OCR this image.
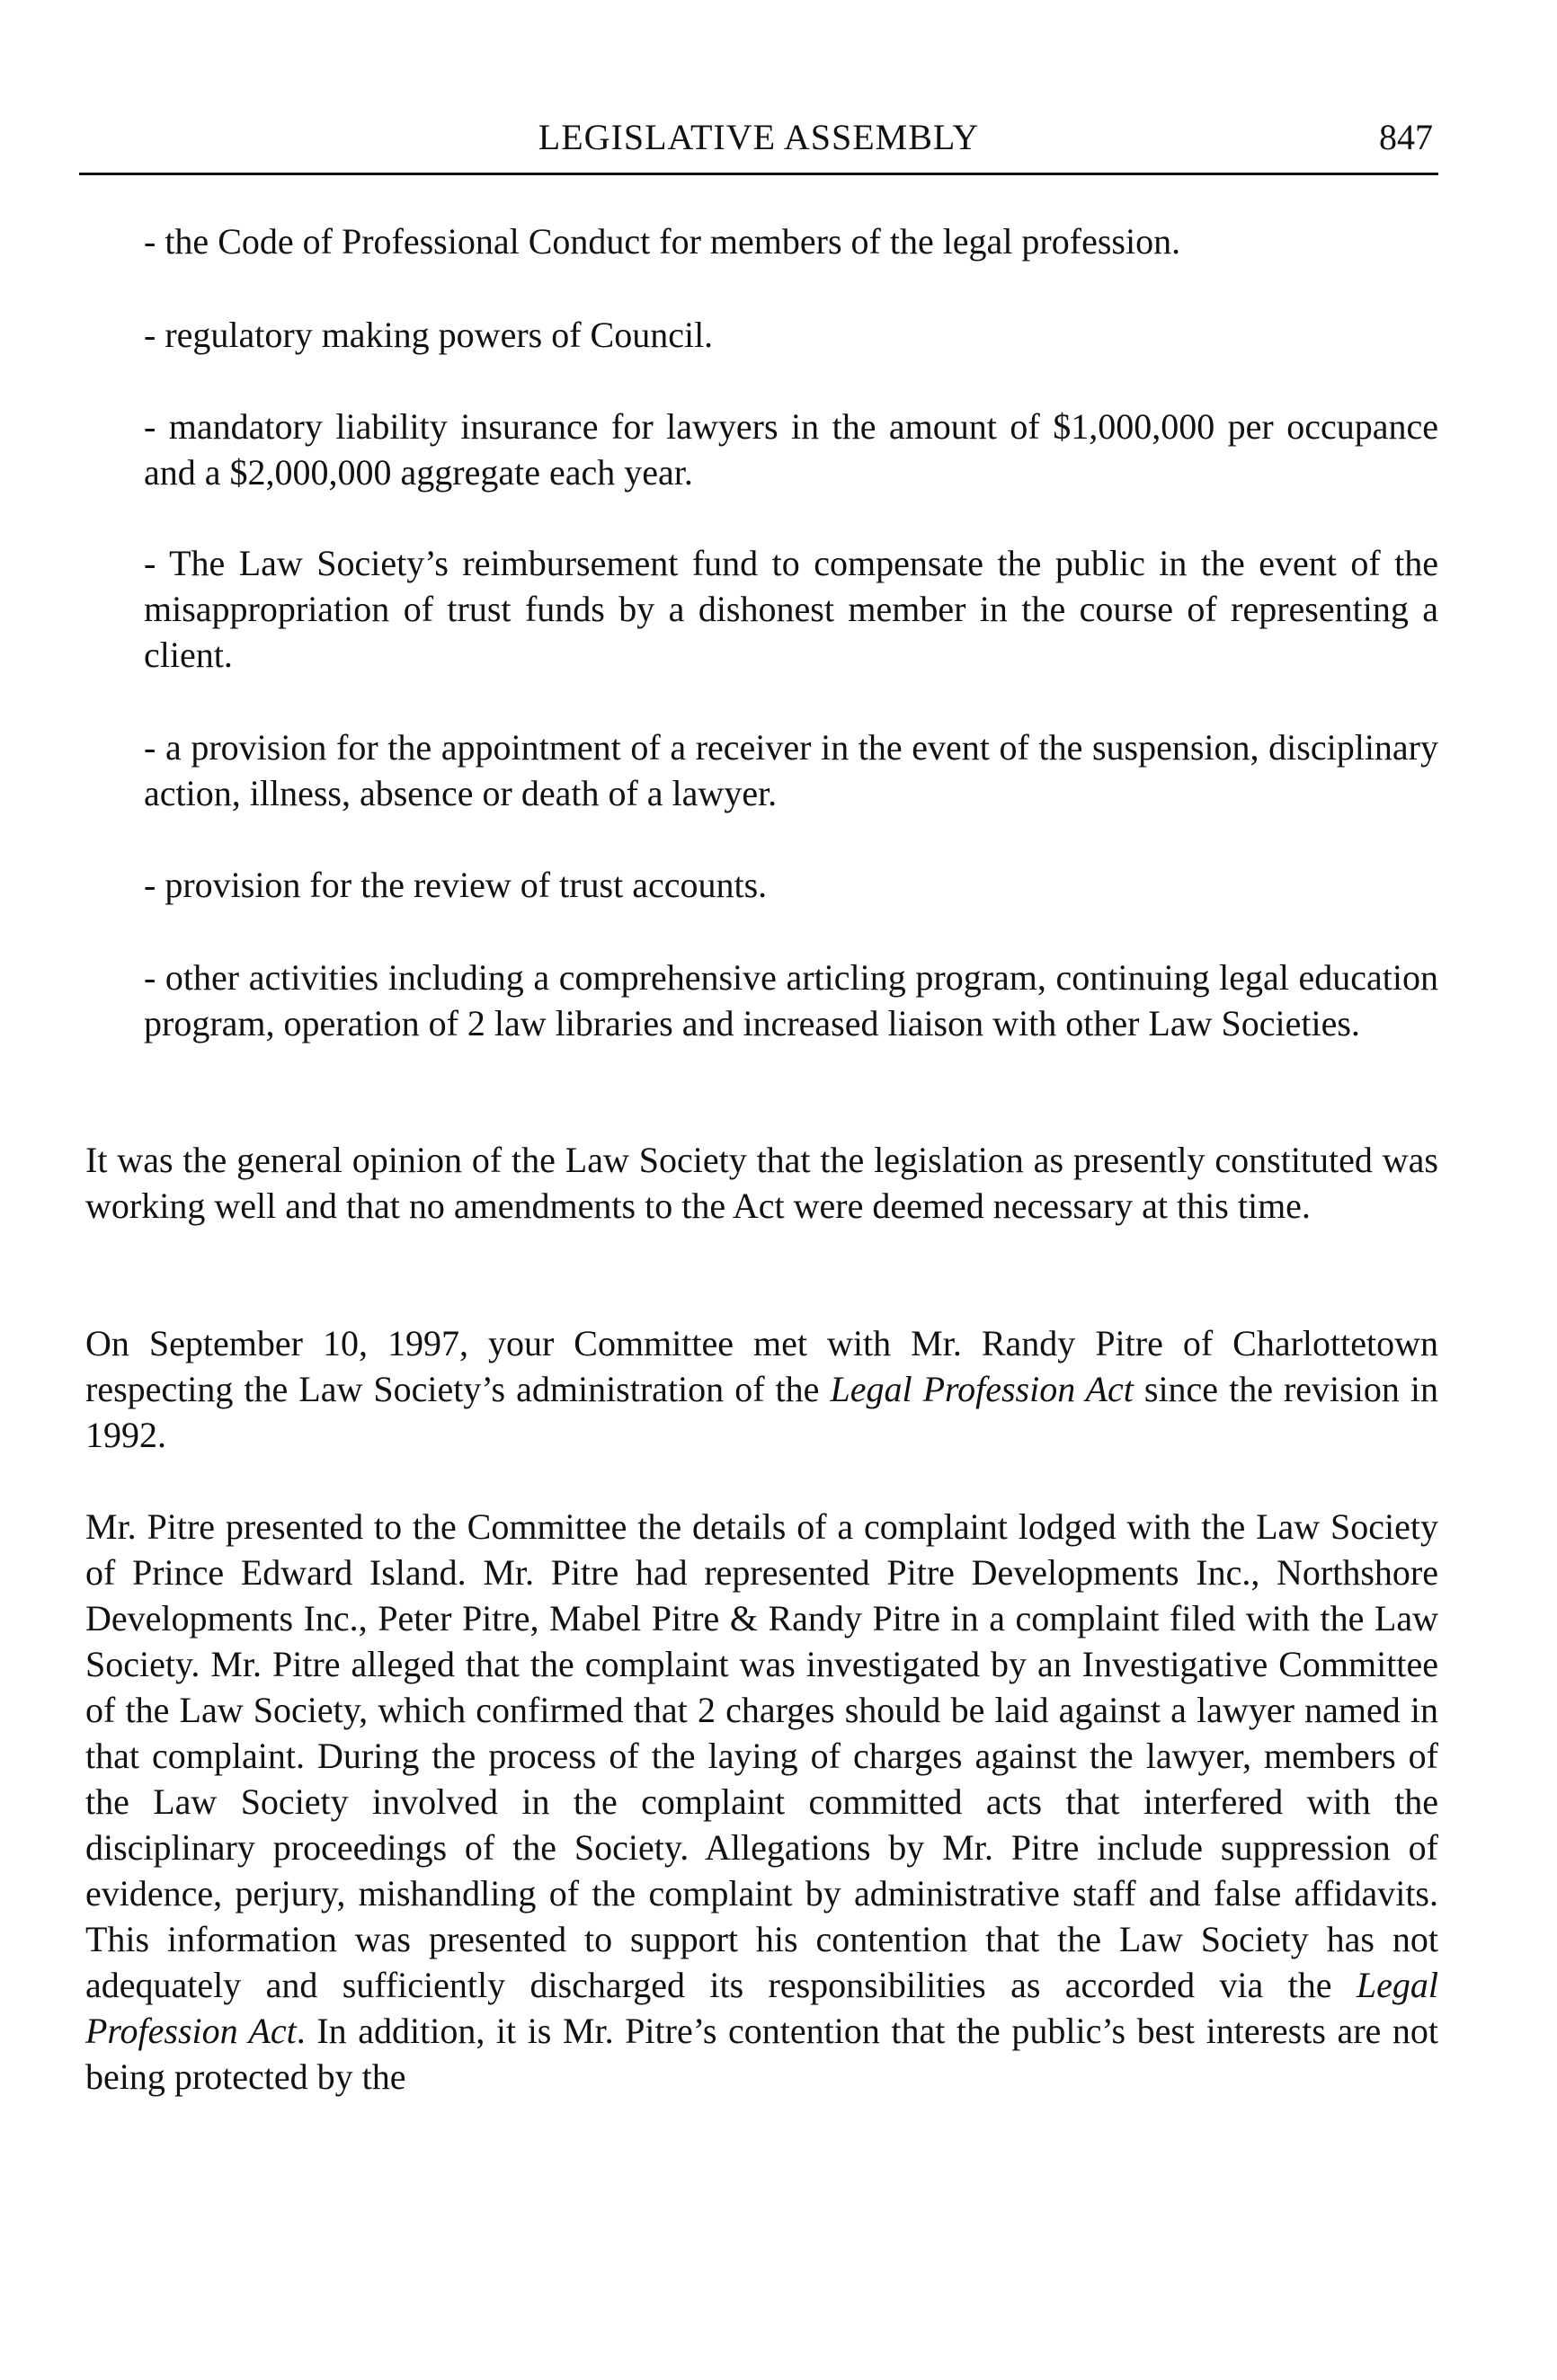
LEGISLATIVE ASSEMBLY	847
- the Code of Professional Conduct for members of the legal profession.
- regulatory making powers of Council.
- mandatory liability insurance for lawyers in the amount of $1,000,000 per occupance and a $2,000,000 aggregate each year.
- The Law Society’s reimbursement fund to compensate the public in the event of the misappropriation of trust funds by a dishonest member in the course of representing a client.
- a provision for the appointment of a receiver in the event of the suspension, disciplinary action, illness, absence or death of a lawyer.
- provision for the review of trust accounts.
- other activities including a comprehensive articling program, continuing legal education program, operation of 2 law libraries and increased liaison with other Law Societies.
It was the general opinion of the Law Society that the legislation as presently constituted was working well and that no amendments to the Act were deemed necessary at this time.
On September 10, 1997, your Committee met with Mr. Randy Pitre of Charlottetown respecting the Law Society’s administration of the Legal Profession Act since the revision in 1992.
Mr. Pitre presented to the Committee the details of a complaint lodged with the Law Society of Prince Edward Island. Mr. Pitre had represented Pitre Developments Inc., Northshore Developments Inc., Peter Pitre, Mabel Pitre & Randy Pitre in a complaint filed with the Law Society. Mr. Pitre alleged that the complaint was investigated by an Investigative Committee of the Law Society, which confirmed that 2 charges should be laid against a lawyer named in that complaint. During the process of the laying of charges against the lawyer, members of the Law Society involved in the complaint committed acts that interfered with the disciplinary proceedings of the Society. Allegations by Mr. Pitre include suppression of evidence, perjury, mishandling of the complaint by administrative staff and false affidavits. This information was presented to support his contention that the Law Society has not adequately and sufficiently discharged its responsibilities as accorded via the Legal Profession Act. In addition, it is Mr. Pitre’s contention that the public’s best interests are not being protected by the
